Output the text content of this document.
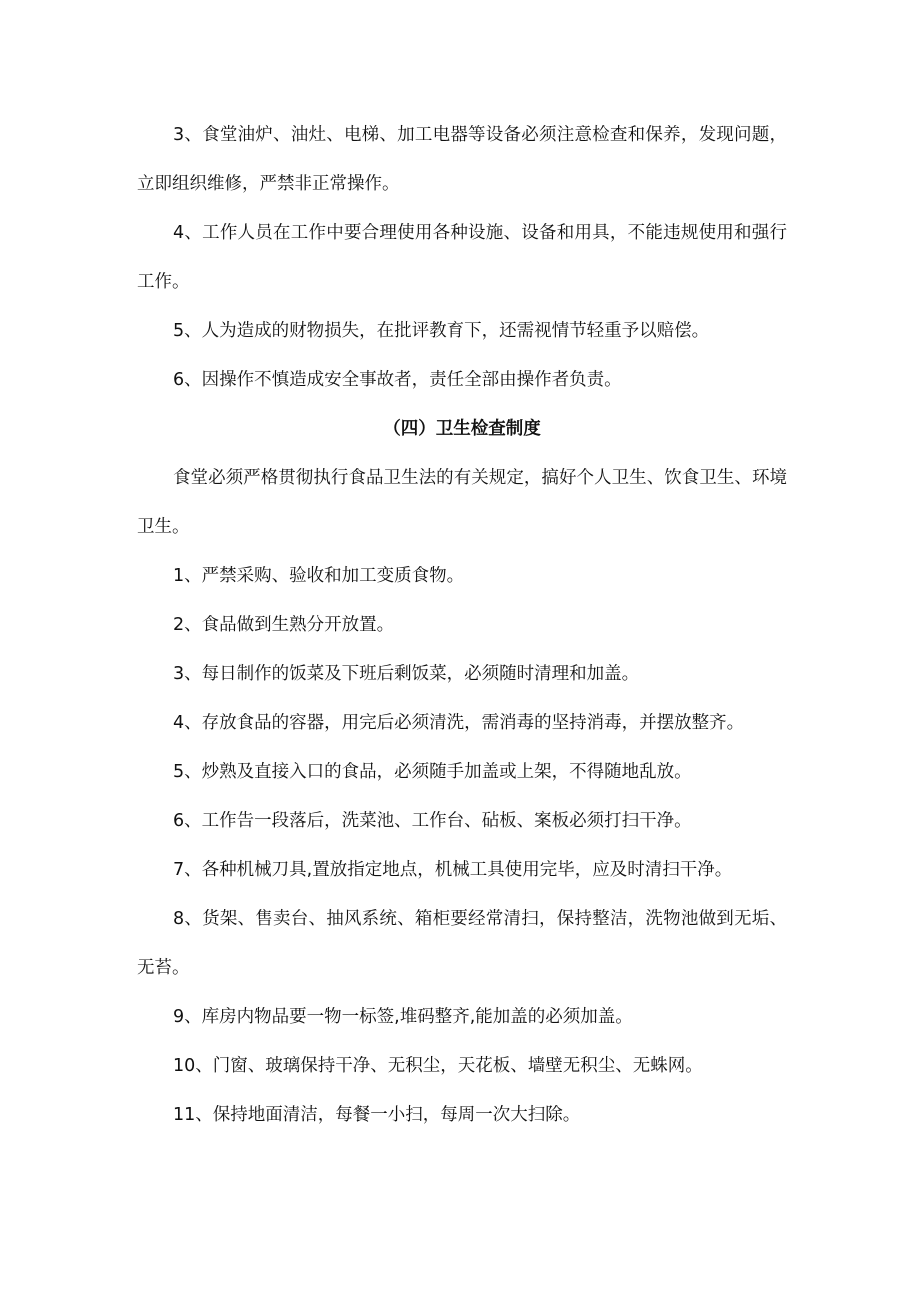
3、食堂油炉、油灶、电梯、加工电器等设备必须注意检查和保养，发现问题，立即组织维修，严禁非正常操作。

4、工作人员在工作中要合理使用各种设施、设备和用具，不能违规使用和强行工作。

5、人为造成的财物损失，在批评教育下，还需视情节轻重予以赔偿。

6、因操作不慎造成安全事故者，责任全部由操作者负责。

（四）卫生检查制度

食堂必须严格贯彻执行食品卫生法的有关规定，搞好个人卫生、饮食卫生、环境卫生。

1、严禁采购、验收和加工变质食物。

2、食品做到生熟分开放置。

3、每日制作的饭菜及下班后剩饭菜，必须随时清理和加盖。

4、存放食品的容器，用完后必须清洗，需消毒的坚持消毒，并摆放整齐。

5、炒熟及直接入口的食品，必须随手加盖或上架，不得随地乱放。

6、工作告一段落后，洗菜池、工作台、砧板、案板必须打扫干净。

7、各种机械刀具,置放指定地点，机械工具使用完毕，应及时清扫干净。

8、货架、售卖台、抽风系统、箱柜要经常清扫，保持整洁，洗物池做到无垢、无苔。

9、库房内物品要一物一标签,堆码整齐,能加盖的必须加盖。

10、门窗、玻璃保持干净、无积尘，天花板、墙壁无积尘、无蛛网。

11、保持地面清洁，每餐一小扫，每周一次大扫除。
